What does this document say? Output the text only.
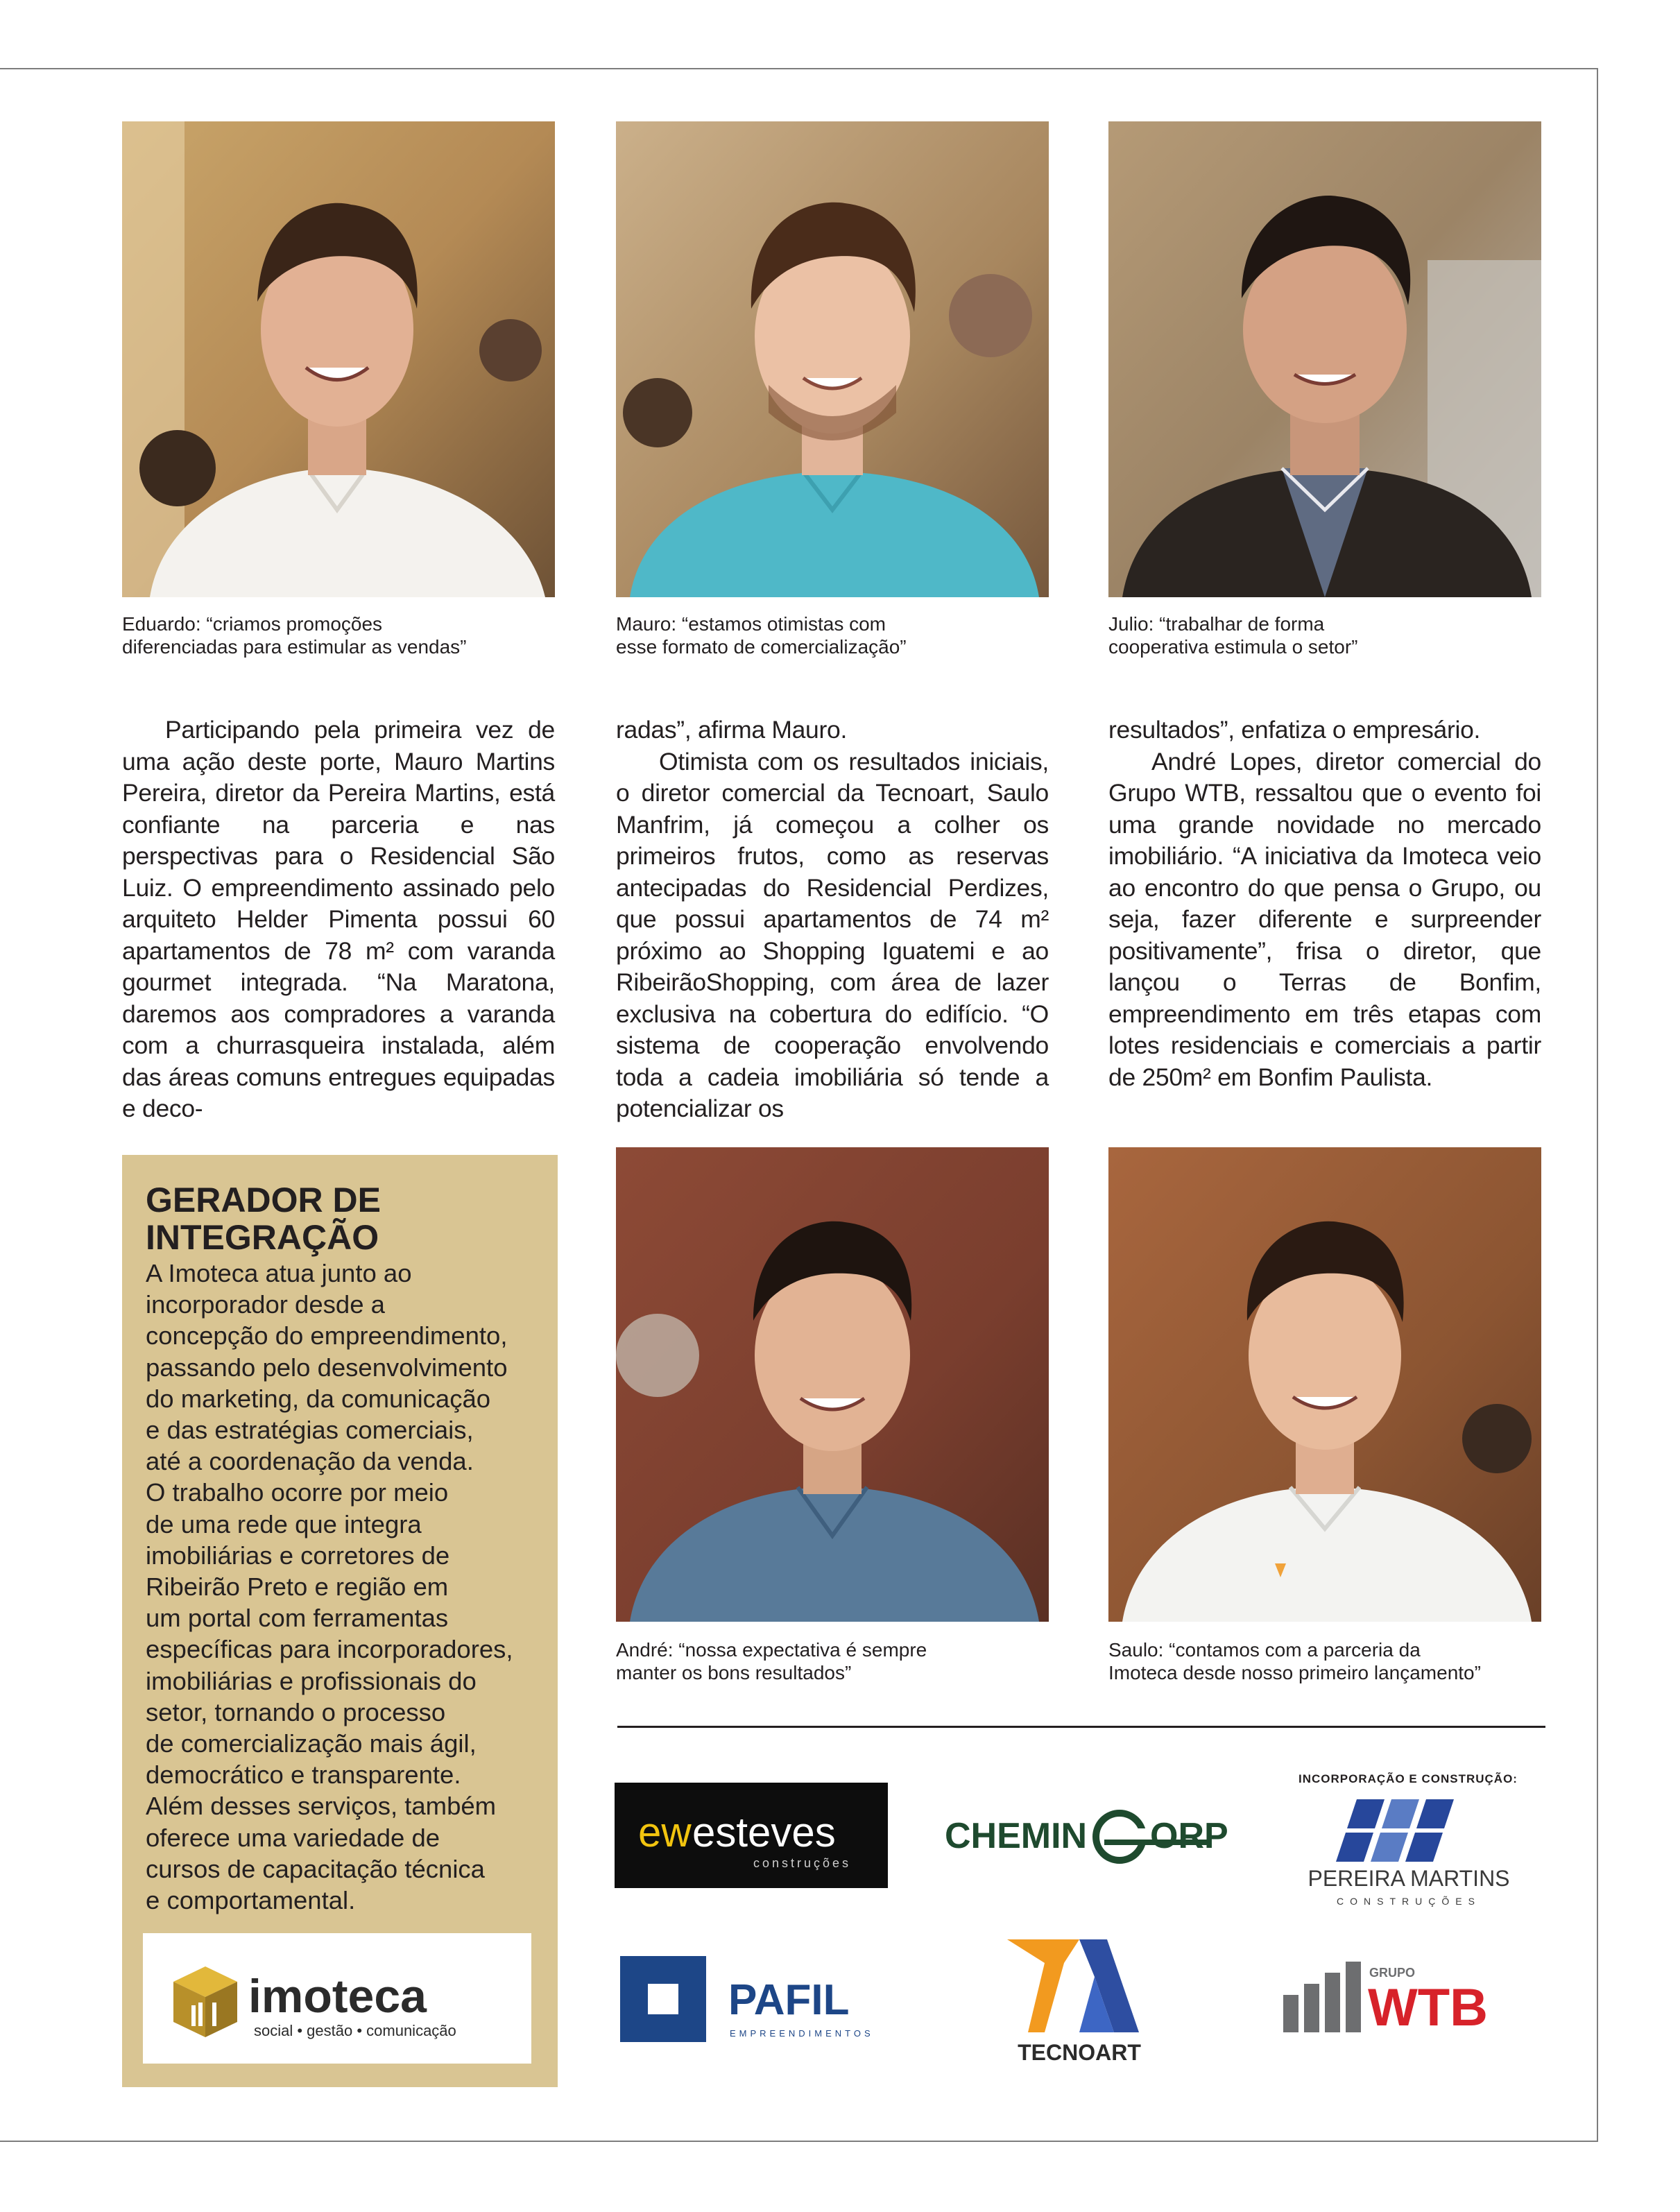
Eduardo: “criamos promoções
diferenciadas para estimular as vendas”
Mauro: “estamos otimistas com
esse formato de comercialização”
Julio: “trabalhar de forma
cooperativa estimula o setor”

Participando pela primeira vez de uma ação deste porte, Mauro Martins Pereira, diretor da Pereira Martins, está confiante na parceria e nas perspectivas para o Residencial São Luiz. O empreendimento assinado pelo arquiteto Helder Pimenta possui 60 apartamentos de 78 m² com varanda gourmet integrada. “Na Maratona, daremos aos compradores a varanda com a churrasqueira instalada, além das áreas comuns entregues equipadas e deco-

radas”, afirma Mauro.

Otimista com os resultados iniciais, o diretor comercial da Tecnoart, Saulo Manfrim, já começou a colher os primeiros frutos, como as reservas antecipadas do Residencial Perdizes, que possui apartamentos de 74 m² próximo ao Shopping Iguatemi e ao RibeirãoShopping, com área de lazer exclusiva na cobertura do edifício. “O sistema de cooperação envolvendo toda a cadeia imobiliária só tende a potencializar os

resultados”, enfatiza o empresário.

André Lopes, diretor comercial do Grupo WTB, ressaltou que o evento foi uma grande novidade no mercado imobiliário. “A iniciativa da Imoteca veio ao encontro do que pensa o Grupo, ou seja, fazer diferente e surpreender positivamente”, frisa o diretor, que lançou o Terras de Bonfim, empreendimento em três etapas com lotes residenciais e comerciais a partir de 250m² em Bonfim Paulista.

GERADOR DE
INTEGRAÇÃO
A Imoteca atua junto ao
incorporador desde a
concepção do empreendimento,
passando pelo desenvolvimento
do marketing, da comunicação
e das estratégias comerciais,
até a coordenação da venda.
O trabalho ocorre por meio
de uma rede que integra
imobiliárias e corretores de
Ribeirão Preto e região em
um portal com ferramentas
específicas para incorporadores,
imobiliárias e profissionais do
setor, tornando o processo
de comercialização mais ágil,
democrático e transparente.
Além desses serviços, também
oferece uma variedade de
cursos de capacitação técnica
e comportamental.
imoteca
social • gestão • comunicação
André: “nossa expectativa é sempre
manter os bons resultados”
Saulo: “contamos com a parceria da
Imoteca desde nosso primeiro lançamento”
INCORPORAÇÃO E CONSTRUÇÃO:
ew esteves
construções
CHEMIN ORP
PEREIRA MARTINS
CONSTRUÇÕES
PAFIL
EMPREENDIMENTOS
TECNOART
GRUPO
WTB
